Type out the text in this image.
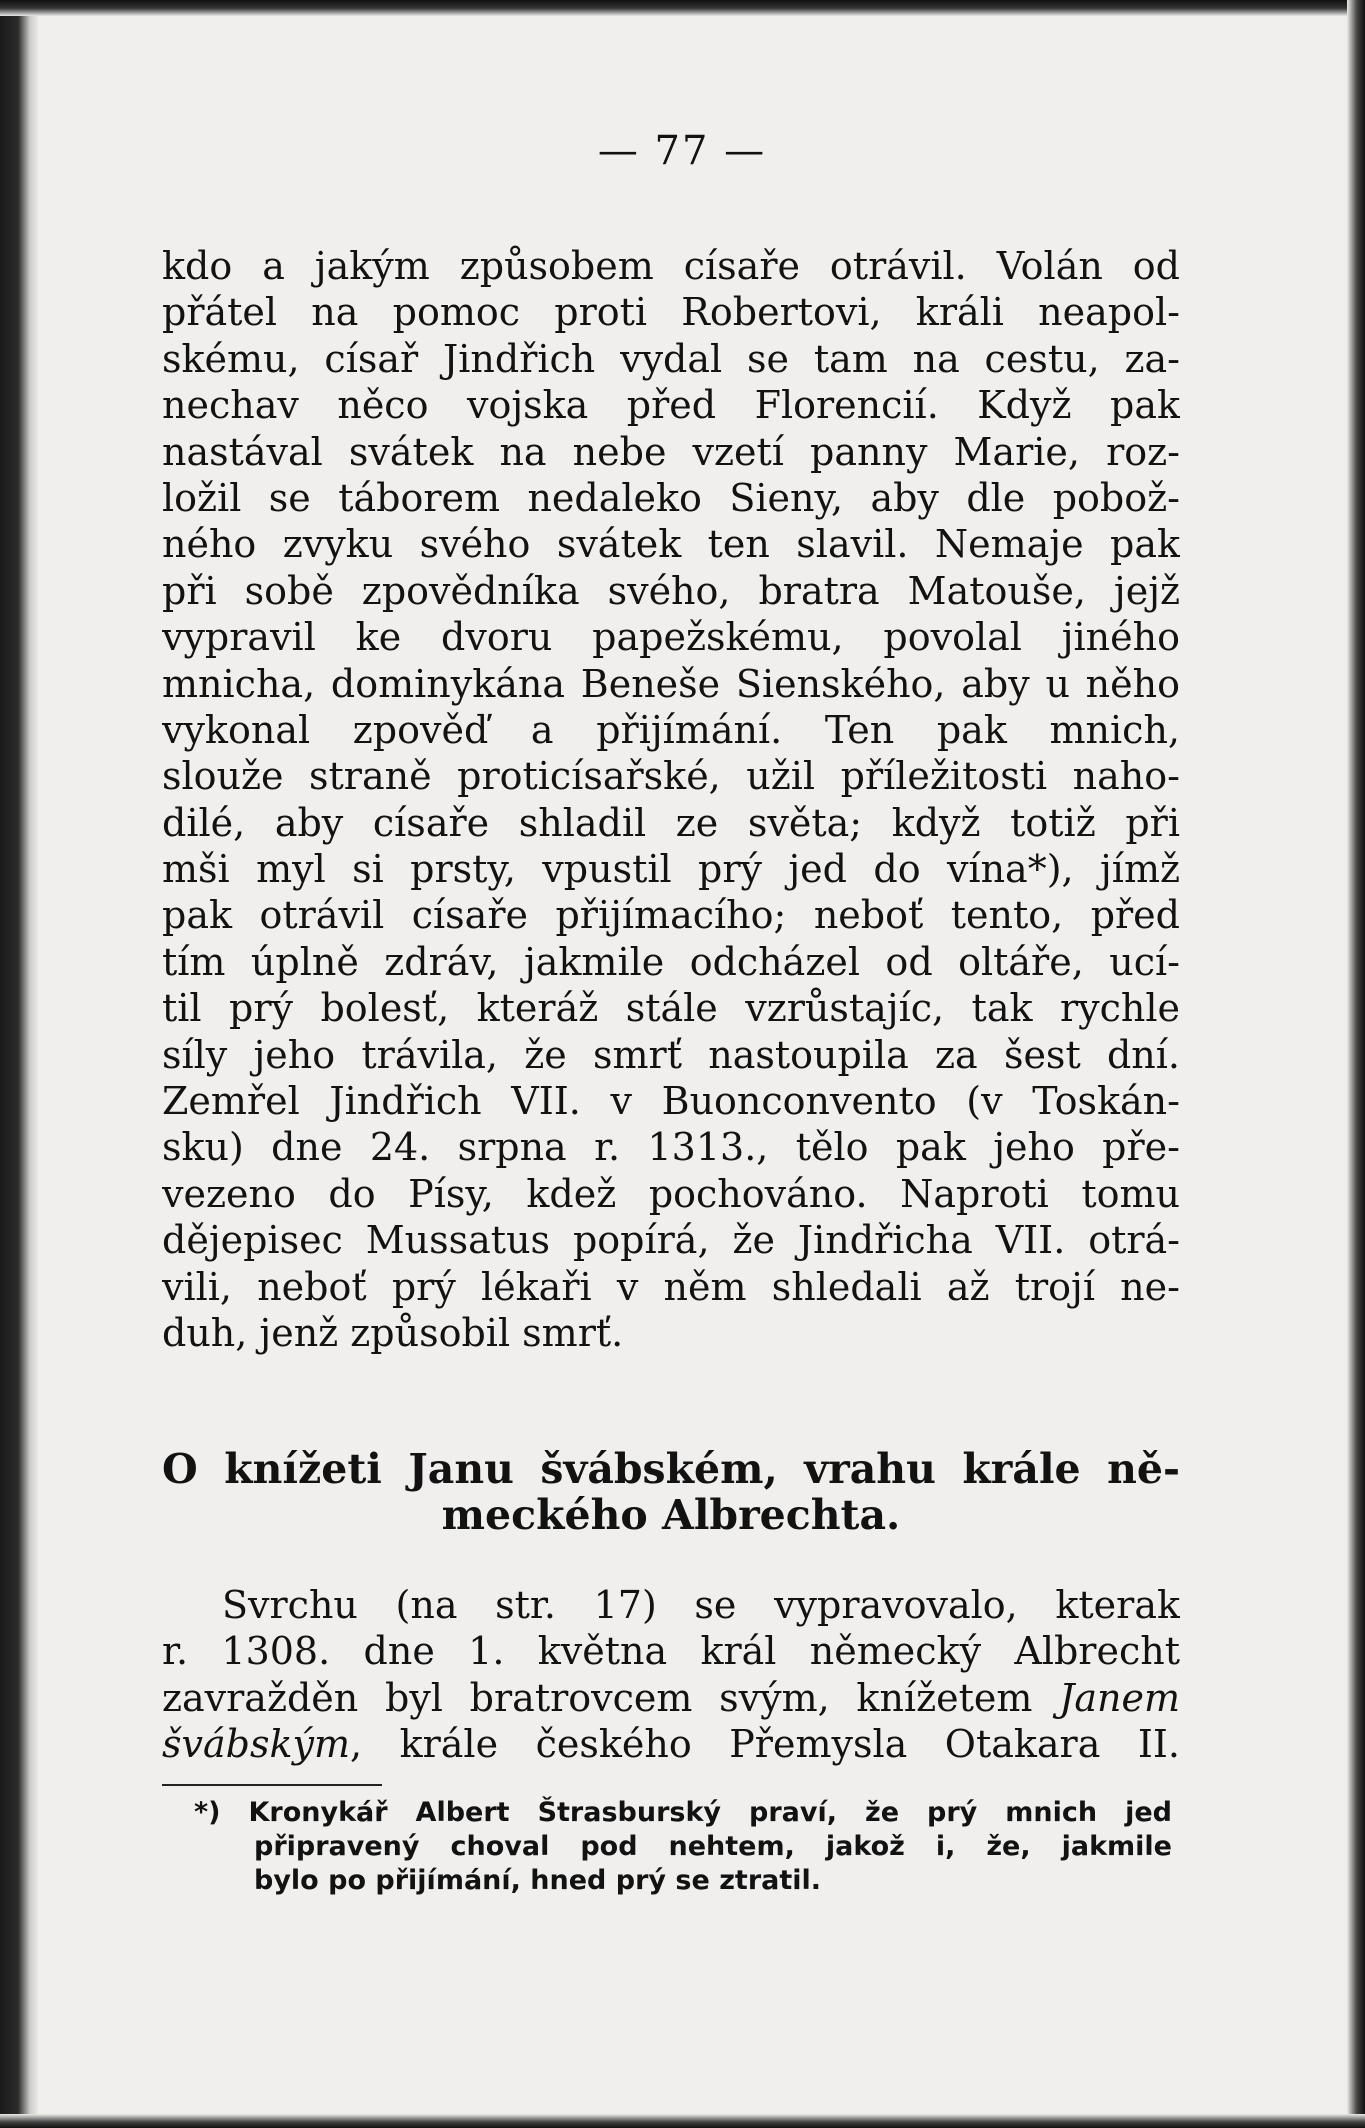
— 77 —
kdo a jakým způsobem císaře otrávil. Volán od
přátel na pomoc proti Robertovi, králi neapol-
skému, císař Jindřich vydal se tam na cestu, za-
nechav něco vojska před Florencií. Když pak
nastával svátek na nebe vzetí panny Marie, roz-
ložil se táborem nedaleko Sieny, aby dle pobož-
ného zvyku svého svátek ten slavil. Nemaje pak
při sobě zpovědníka svého, bratra Matouše, jejž
vypravil ke dvoru papežskému, povolal jiného
mnicha, dominykána Beneše Sienského, aby u něho
vykonal zpověď a přijímání. Ten pak mnich,
slouže straně proticísařské, užil příležitosti naho-
dilé, aby císaře shladil ze světa; když totiž při
mši myl si prsty, vpustil prý jed do vína*), jímž
pak otrávil císaře přijímacího; neboť tento, před
tím úplně zdráv, jakmile odcházel od oltáře, ucí-
til prý bolesť, kteráž stále vzrůstajíc, tak rychle
síly jeho trávila, že smrť nastoupila za šest dní.
Zemřel Jindřich VII. v Buonconvento (v Toskán-
sku) dne 24. srpna r. 1313., tělo pak jeho pře-
vezeno do Písy, kdež pochováno. Naproti tomu
dějepisec Mussatus popírá, že Jindřicha VII. otrá-
vili, neboť prý lékaři v něm shledali až trojí ne-
duh, jenž způsobil smrť.
O knížeti Janu švábském, vrahu krále ně-
meckého Albrechta.
Svrchu (na str. 17) se vypravovalo, kterak
r. 1308. dne 1. května král německý Albrecht
zavražděn byl bratrovcem svým, knížetem Janem
švábským, krále českého Přemysla Otakara II.
*) Kronykář Albert Štrasburský praví, že prý mnich jed
připravený choval pod nehtem, jakož i, že, jakmile
bylo po přijímání, hned prý se ztratil.
